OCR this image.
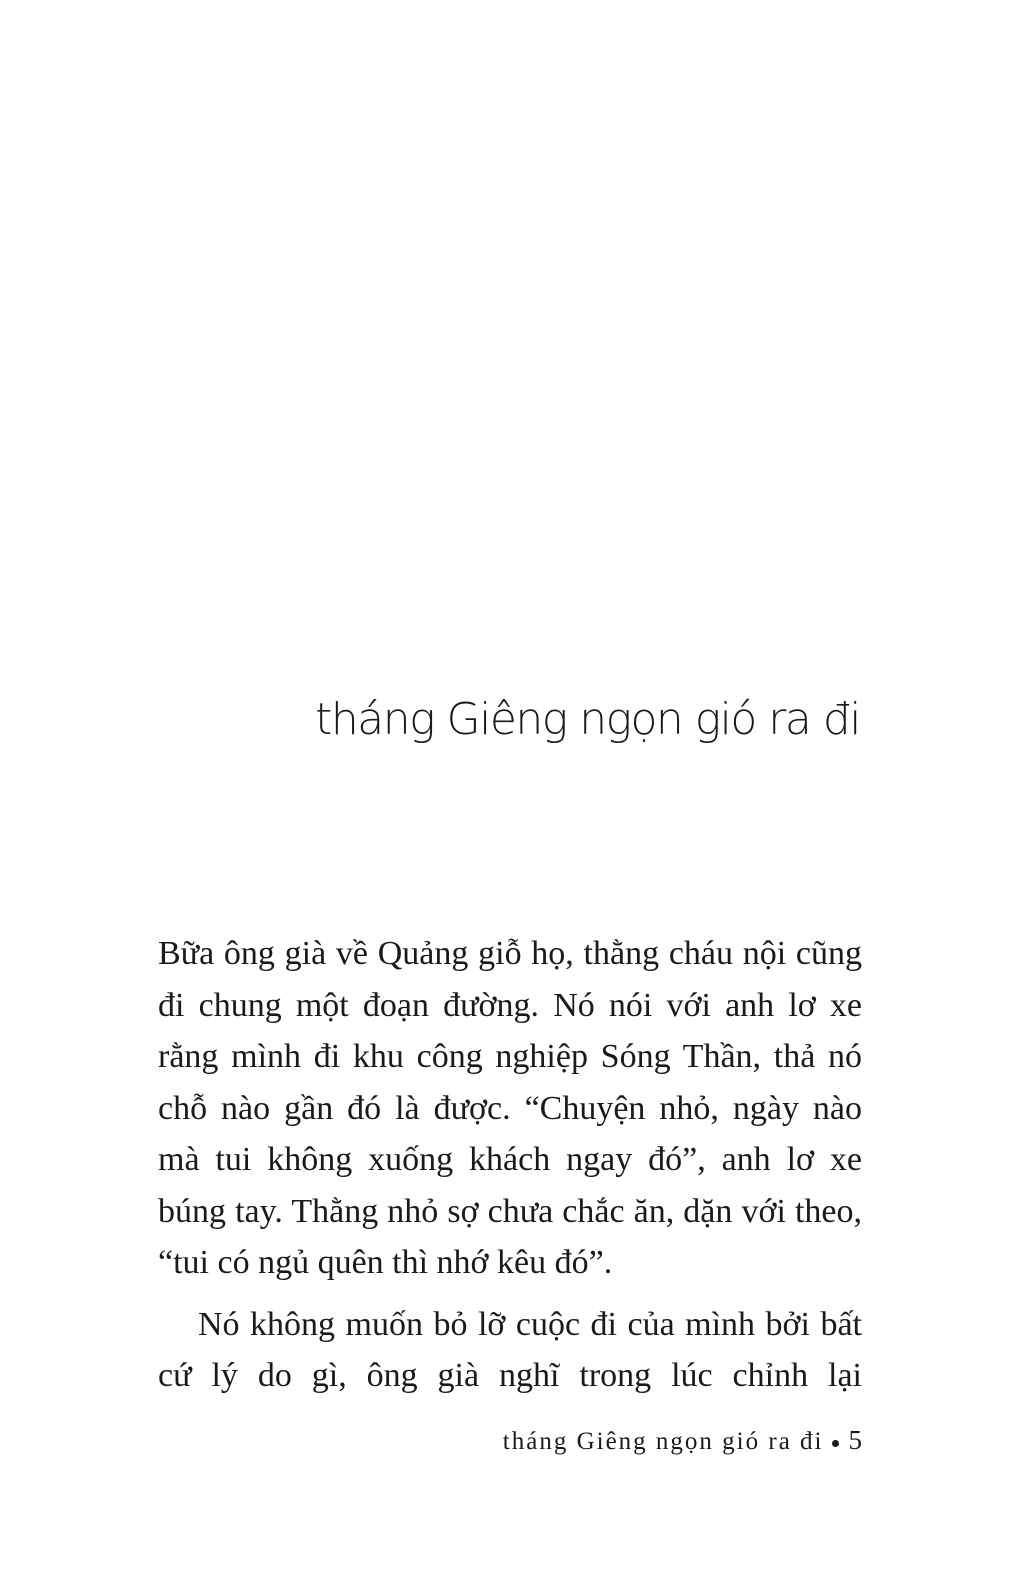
tháng Giêng ngọn gió ra đi

Bữa ông già về Quảng giỗ họ, thằng cháu nội cũng đi chung một đoạn đường. Nó nói với anh lơ xe rằng mình đi khu công nghiệp Sóng Thần, thả nó chỗ nào gần đó là được. “Chuyện nhỏ, ngày nào mà tui không xuống khách ngay đó”, anh lơ xe búng tay. Thằng nhỏ sợ chưa chắc ăn, dặn với theo, “tui có ngủ quên thì nhớ kêu đó”.

Nó không muốn bỏ lỡ cuộc đi của mình bởi bất cứ lý do gì, ông già nghĩ trong lúc chỉnh lại

tháng Giêng ngọn gió ra đi 5
